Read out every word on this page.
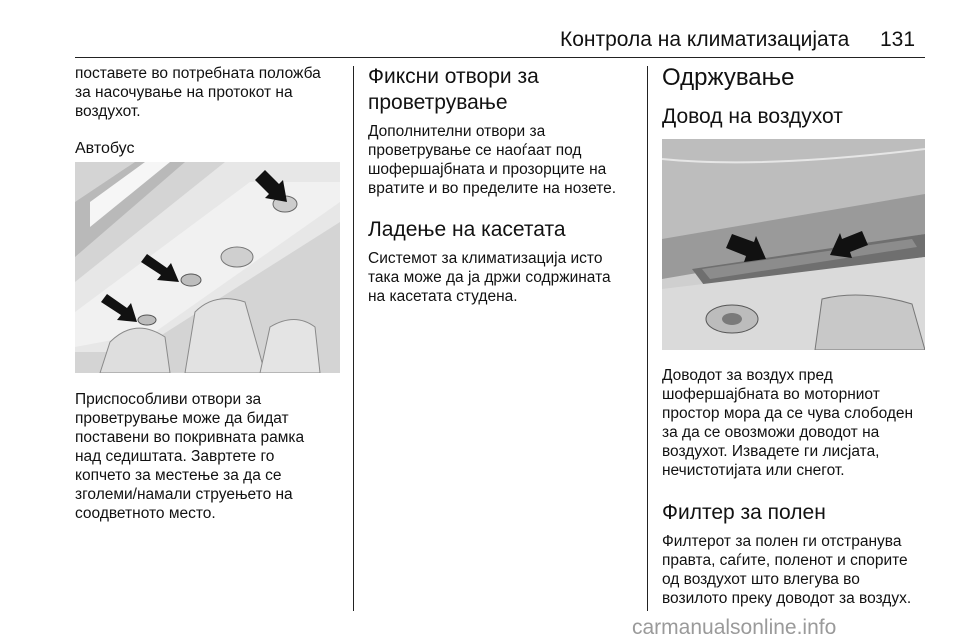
Контрола на климатизацијата 131

поставете во потребната положба
за насочување на протокот на
воздухот.

Автобус

Приспособливи отвори за
проветрување може да бидат
поставени во покривната рамка
над седиштата. Завртете го
копчето за местење за да се
зголеми/намали струењето на
соодветното место.

Фиксни отвори за
проветрување

Дополнителни отвори за
проветрување се наоѓаат под
шофершајбната и прозорците на
вратите и во пределите на нозете.

Ладење на касетата

Системот за климатизација исто
така може да ја држи содржината
на касетата студена.

Одржување

Довод на воздухот

Доводот за воздух пред
шофершајбната во моторниот
простор мора да се чува слободен
за да се овозможи доводот на
воздухот. Извадете ги лисјата,
нечистотијата или снегот.

Филтер за полен

Филтерот за полен ги отстранува
правта, саѓите, поленот и спорите
од воздухот што влегува во
возилото преку доводот за воздух.

carmanualsonline.info
